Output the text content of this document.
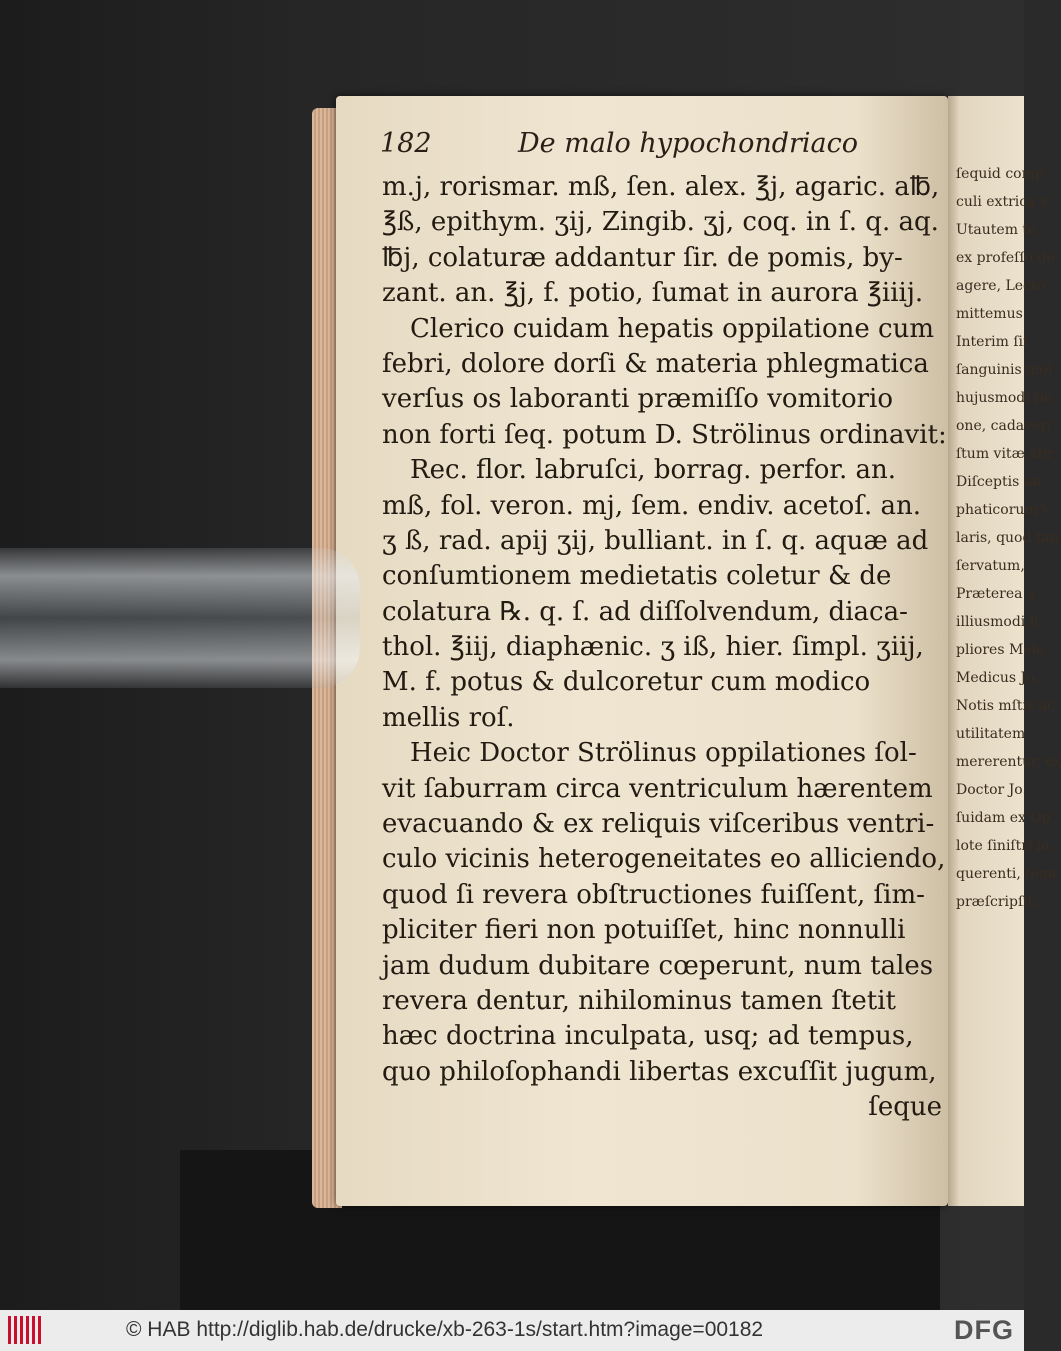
ſequid comp
culi extrica v.
Utautem te
ex profeſſo de
agere, Lecto
mittemus.
Interim ſii
ſanguinis mol
hujusmodi ſie
one, cadaveri
ſtum vitæ abr
Diſceptis au
phaticorum v
laris, quod tan
ſervatum,
Præterea a
illiusmodi h
pliores Mele
Medicus Jo.
Notis mſtis ac
utilitatem,
mererentur, ex
Doctor Jo.
ſuidam ex Op
lote ſiniſtri la
querenti, ſequ
præſcripſit;
182	De malo hypochondriaco
m.j, rorismar. mß, ſen. alex. ℥j, agaric. a℔,
℥ß, epithym. ʒij, Zingib. ʒj, coq. in ſ. q. aq.
℔j, colaturæ addantur ſir. de pomis, by-
zant. an. ℥j, f. potio, ſumat in aurora ℥iiij.
Clerico cuidam hepatis oppilatione cum
febri, dolore dorſi & materia phlegmatica
verſus os laboranti præmiſſo vomitorio
non forti ſeq. potum D. Strölinus ordinavit:
Rec. flor. labruſci, borrag. perfor. an.
mß, fol. veron. mj, ſem. endiv. acetoſ. an.
ʒ ß, rad. apij ʒij, bulliant. in ſ. q. aquæ ad
conſumtionem medietatis coletur & de
colatura ℞. q. ſ. ad diſſolvendum, diaca-
thol. ℥iij, diaphænic. ʒ iß, hier. ſimpl. ʒiij,
M. f. potus & dulcoretur cum modico
mellis roſ.
Heic Doctor Strölinus oppilationes ſol-
vit ſaburram circa ventriculum hærentem
evacuando & ex reliquis viſceribus ventri-
culo vicinis heterogeneitates eo alliciendo,
quod ſi revera obſtructiones fuiſſent, ſim-
pliciter fieri non potuiſſet, hinc nonnulli
jam dudum dubitare cœperunt, num tales
revera dentur, nihilominus tamen ſtetit
hæc doctrina inculpata, usq; ad tempus,
quo philoſophandi libertas excuſſit jugum,
ſeque
© HAB http://diglib.hab.de/drucke/xb-263-1s/start.htm?image=00182	DFG
